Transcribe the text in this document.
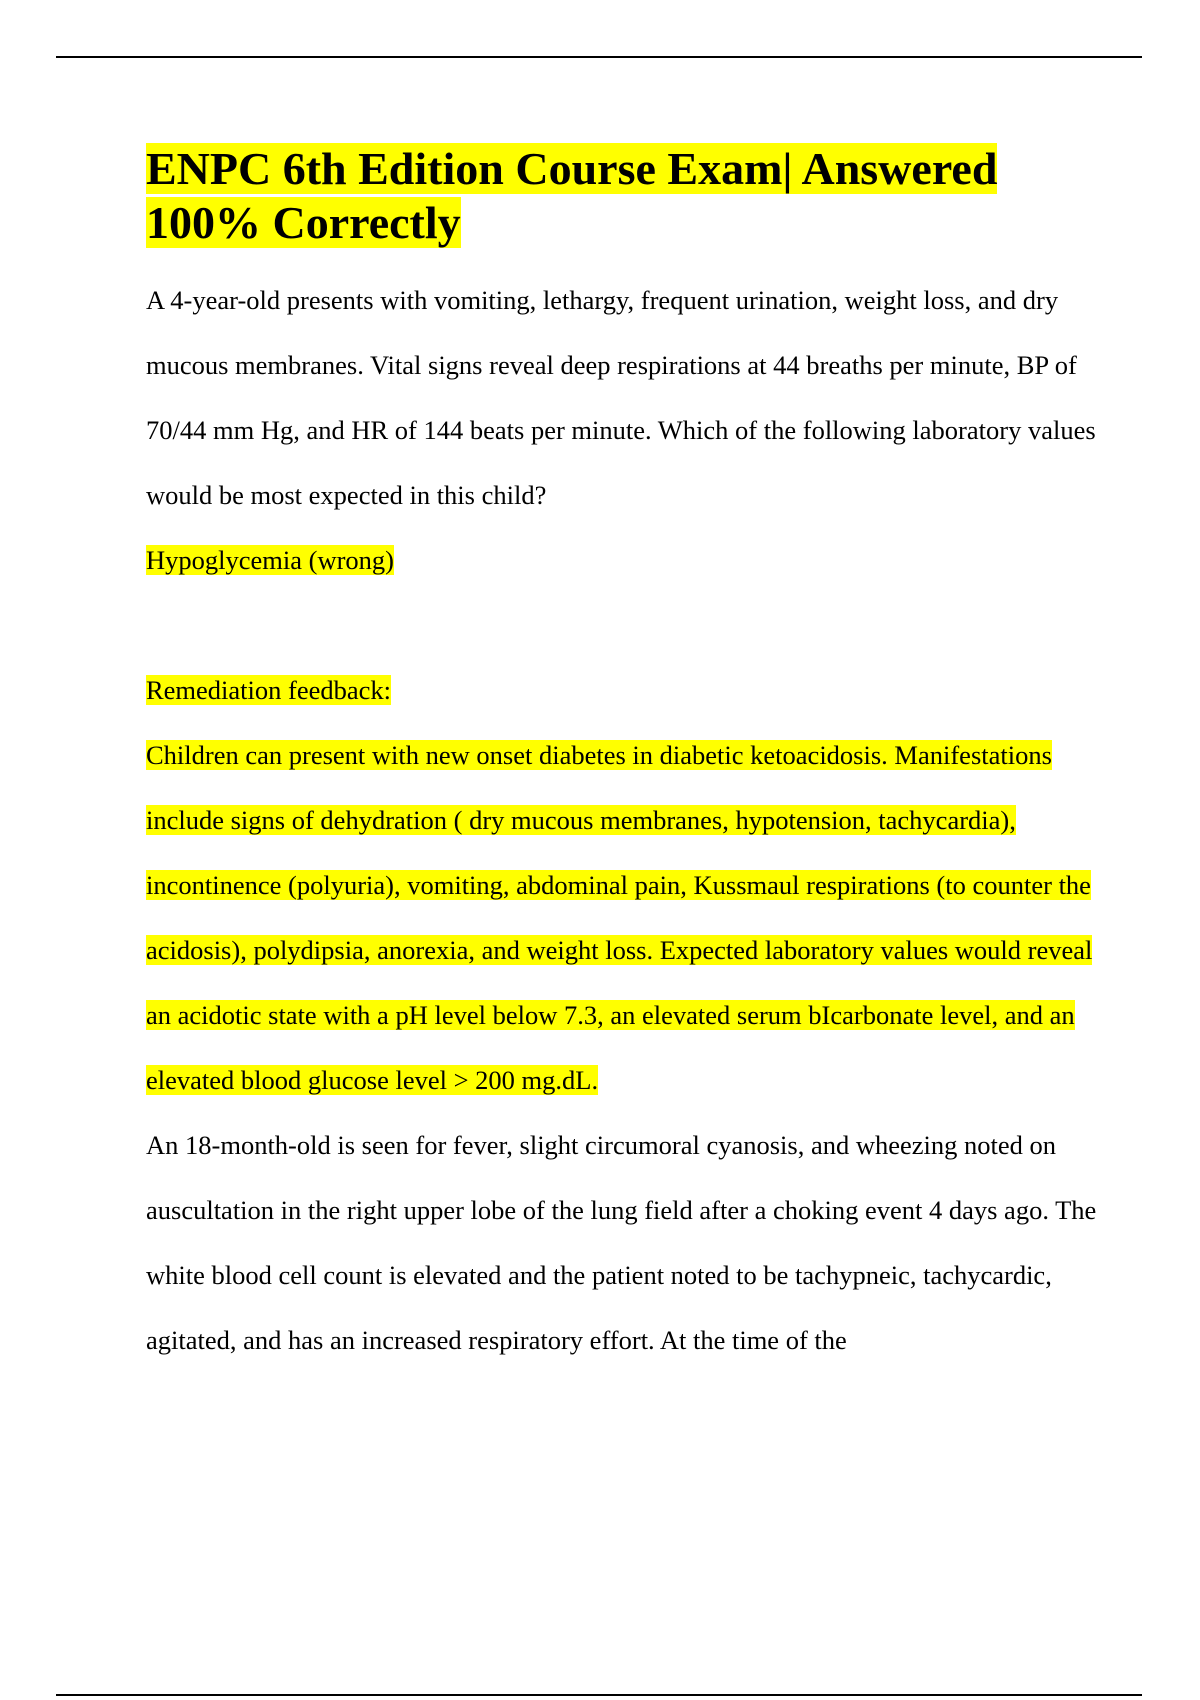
ENPC 6th Edition Course Exam| Answered 100% Correctly

A 4-year-old presents with vomiting, lethargy, frequent urination, weight loss, and dry mucous membranes. Vital signs reveal deep respirations at 44 breaths per minute, BP of 70/44 mm Hg, and HR of 144 beats per minute. Which of the following laboratory values would be most expected in this child?

Hypoglycemia (wrong)

Remediation feedback:

Children can present with new onset diabetes in diabetic ketoacidosis. Manifestations include signs of dehydration ( dry mucous membranes, hypotension, tachycardia), incontinence (polyuria), vomiting, abdominal pain, Kussmaul respirations (to counter the acidosis), polydipsia, anorexia, and weight loss. Expected laboratory values would reveal an acidotic state with a pH level below 7.3, an elevated serum bIcarbonate level, and an elevated blood glucose level > 200 mg.dL.

An 18-month-old is seen for fever, slight circumoral cyanosis, and wheezing noted on auscultation in the right upper lobe of the lung field after a choking event 4 days ago. The white blood cell count is elevated and the patient noted to be tachypneic, tachycardic, agitated, and has an increased respiratory effort. At the time of the
